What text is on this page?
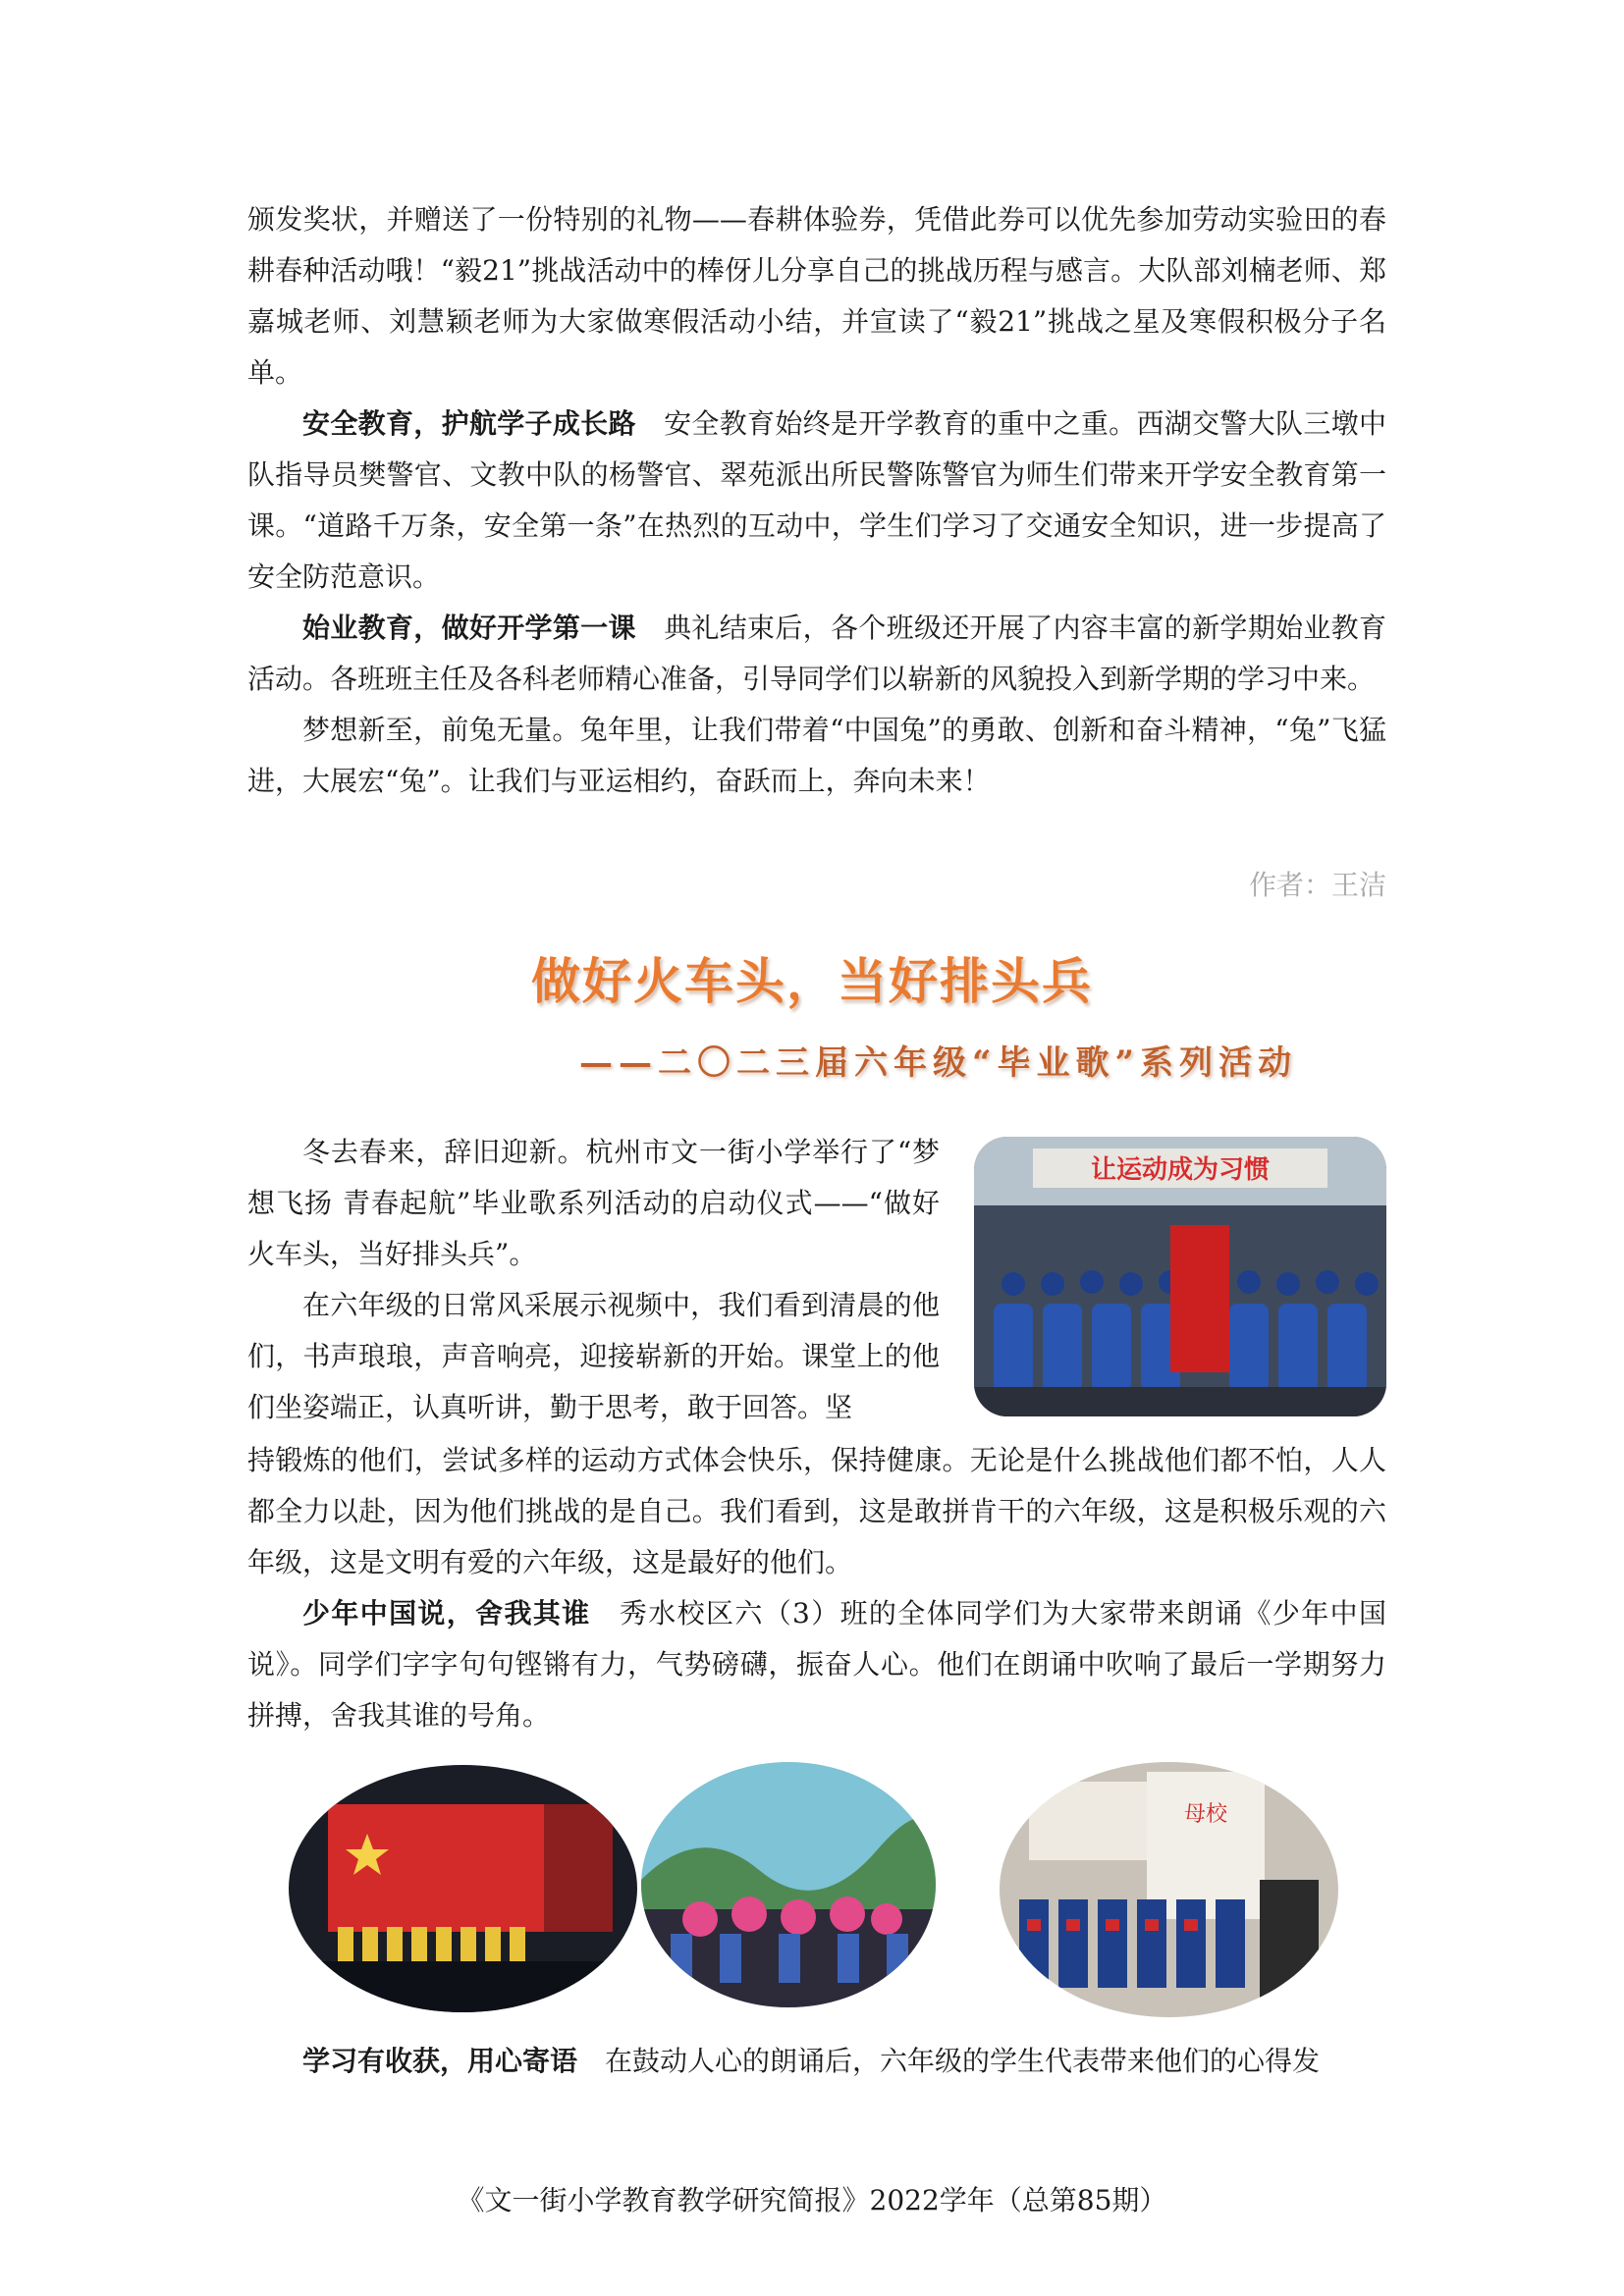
颁发奖状，并赠送了一份特别的礼物——春耕体验券，凭借此券可以优先参加劳动实验田的春耕春种活动哦！“毅21”挑战活动中的棒伢儿分享自己的挑战历程与感言。大队部刘楠老师、郑嘉城老师、刘慧颖老师为大家做寒假活动小结，并宣读了“毅21”挑战之星及寒假积极分子名单。

安全教育，护航学子成长路  安全教育始终是开学教育的重中之重。西湖交警大队三墩中队指导员樊警官、文教中队的杨警官、翠苑派出所民警陈警官为师生们带来开学安全教育第一课。“道路千万条，安全第一条”在热烈的互动中，学生们学习了交通安全知识，进一步提高了安全防范意识。

始业教育，做好开学第一课  典礼结束后，各个班级还开展了内容丰富的新学期始业教育活动。各班班主任及各科老师精心准备，引导同学们以崭新的风貌投入到新学期的学习中来。

梦想新至，前兔无量。兔年里，让我们带着“中国兔”的勇敢、创新和奋斗精神，“兔”飞猛进，大展宏“兔”。让我们与亚运相约，奋跃而上，奔向未来！

作者：王洁
做好火车头，当好排头兵
——二〇二三届六年级“毕业歌”系列活动

冬去春来，辞旧迎新。杭州市文一街小学举行了“梦想飞扬 青春起航”毕业歌系列活动的启动仪式——“做好火车头，当好排头兵”。

在六年级的日常风采展示视频中，我们看到清晨的他们，书声琅琅，声音响亮，迎接崭新的开始。课堂上的他们坐姿端正，认真听讲，勤于思考，敢于回答。坚

让运动成为习惯

持锻炼的他们，尝试多样的运动方式体会快乐，保持健康。无论是什么挑战他们都不怕，人人都全力以赴，因为他们挑战的是自己。我们看到，这是敢拼肯干的六年级，这是积极乐观的六年级，这是文明有爱的六年级，这是最好的他们。

少年中国说，舍我其谁  秀水校区六（3）班的全体同学们为大家带来朗诵《少年中国说》。同学们字字句句铿锵有力，气势磅礴，振奋人心。他们在朗诵中吹响了最后一学期努力拼搏，舍我其谁的号角。

母校

学习有收获，用心寄语  在鼓动人心的朗诵后，六年级的学生代表带来他们的心得发

《文一街小学教育教学研究简报》2022学年（总第85期）
